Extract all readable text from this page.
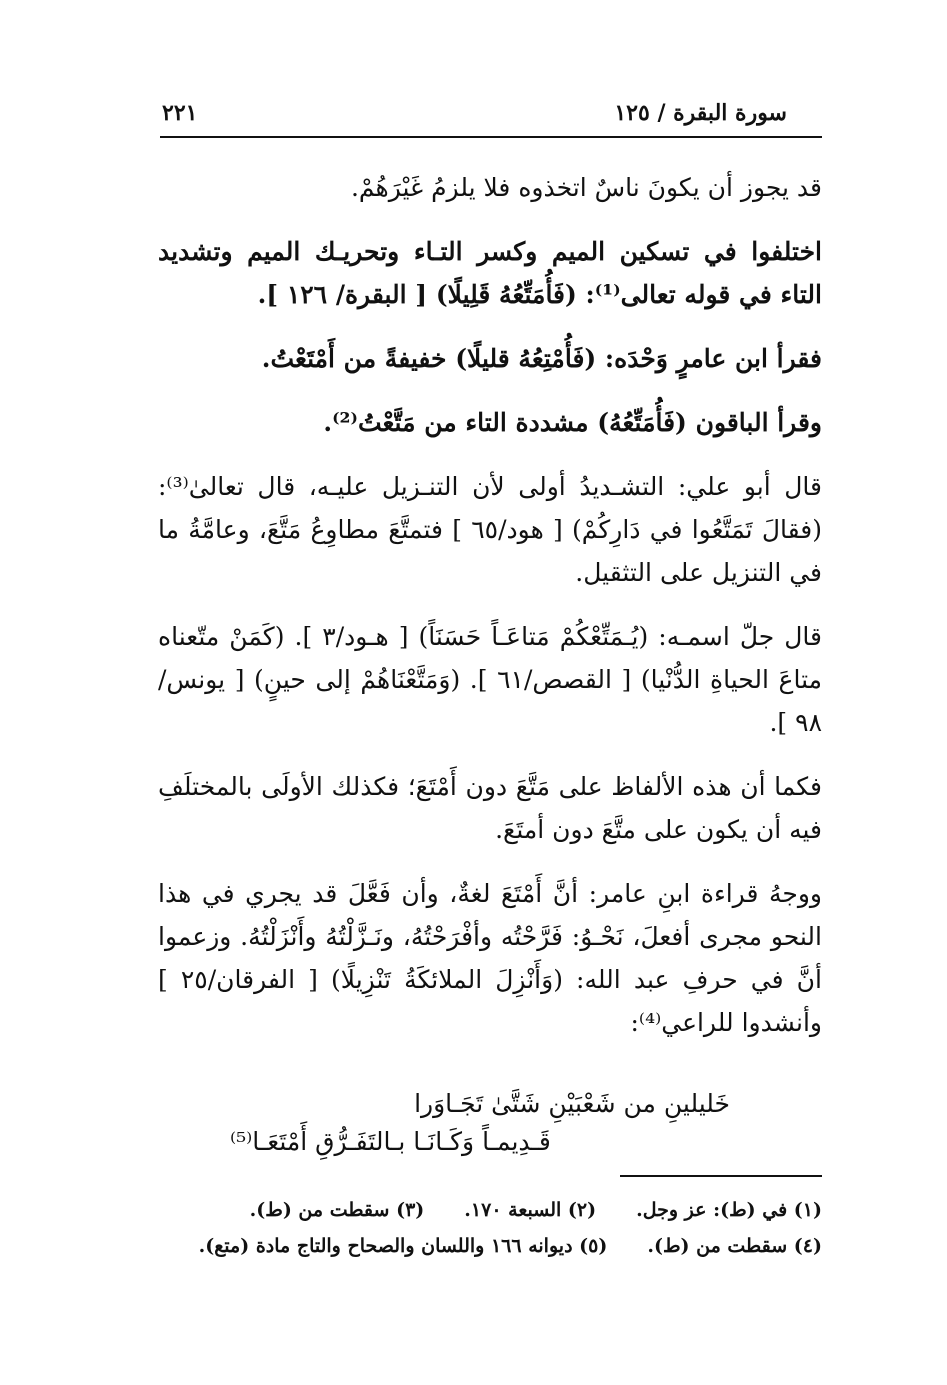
سورة البقرة / ١٢٥
٢٢١

قد يجوز أن يكونَ ناسٌ اتخذوه فلا يلزمُ غَيْرَهُمْ.

اختلفوا في تسكين الميم وكسر التـاء وتحريـك الميم وتشديد التاء في قوله تعالى⁽¹⁾: (فَأُمَتِّعُهُ قَلِيلًا) [ البقرة/ ١٢٦ ].

فقرأ ابن عامرٍ وَحْدَه: (فَأُمْتِعُهُ قليلًا) خفيفةً من أَمْتَعْتُ.

وقرأ الباقون (فَأُمَتِّعُهُ) مشددة التاء من مَتَّعْتُ⁽²⁾.

قال أبو علي: التشـديدُ أولى لأن التنـزيل عليـه، قال تعالىٰ⁽³⁾: (فقالَ تَمَتَّعُوا في دَارِكُمْ) [ هود/٦٥ ] فتمتَّعَ مطاوِعُ مَتَّعَ، وعامَّةُ ما في التنزيل على التثقيل.

قال جلّ اسمـه: (يُـمَتِّعْكُمْ مَتاعَـاً حَسَنَاً) [ هـود/٣ ]. (كَمَنْ متّعناه متاعَ الحياةِ الدُّنْيا) [ القصص/٦١ ]. (وَمَتَّعْنَاهُمْ إلى حينٍ) [ يونس/٩٨ ].

فكما أن هذه الألفاظ على مَتَّعَ دون أَمْتَعَ؛ فكذلك الأولَى بالمختلَفِ فيه أن يكون على متَّعَ دون أمتَعَ.

ووجهُ قراءة ابنِ عامر: أنَّ أَمْتَعَ لغةٌ، وأن فَعَّلَ قد يجري في هذا النحو مجرى أفعلَ، نَحْـوُ: فَرَّحْتُه وأفْرَحْتُهُ، ونَـزَّلْتُهُ وأَنْزَلْتُهُ. وزعموا أنَّ في حرفِ عبد الله: (وَأَنْزِلَ الملائكَةُ تَنْزِيلًا) [ الفرقان/٢٥ ] وأنشدوا للراعي⁽⁴⁾:

خَليلينِ من شَعْبَيْنِ شَتَّىٰ تَجَـاوَرا
قَـدِيمـاً وَكَـانَـا بـالتَفَـرُّقِ أَمْتَعَـا⁽⁵⁾
(١) في (ط): عز وجل.
(٢) السبعة ١٧٠.
(٣) سقطت من (ط).
(٤) سقطت من (ط).
(٥) ديوانه ١٦٦ واللسان والصحاح والتاج مادة (متع).
